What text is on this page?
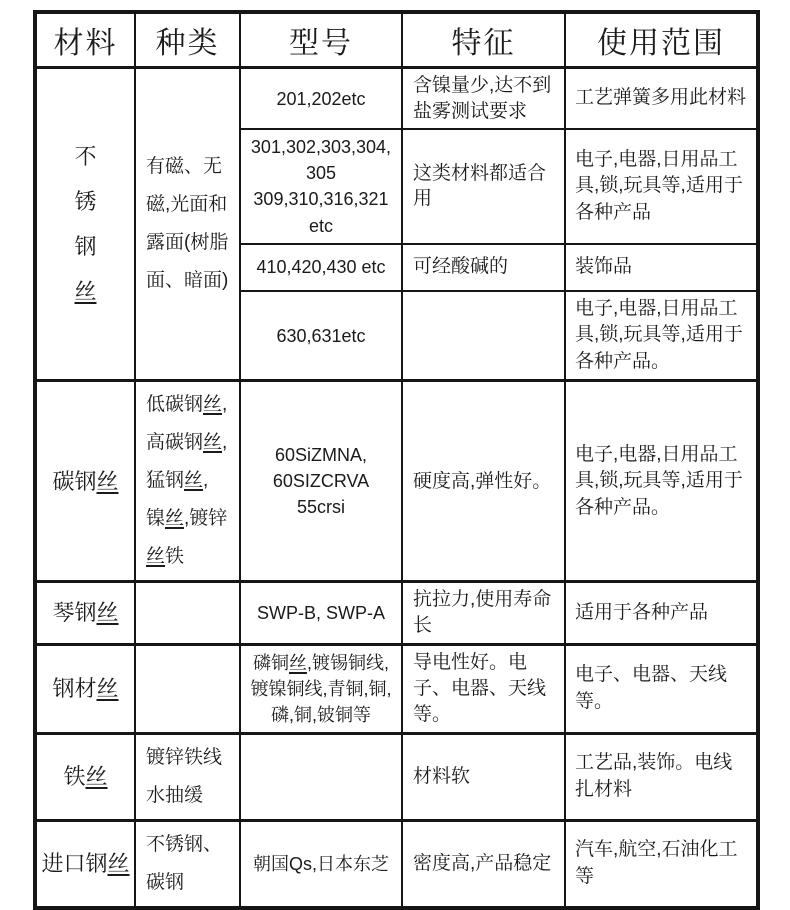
材料	种类	型号	特征	使用范围
不锈钢丝	有磁、无磁,光面和露面(树脂面、暗面)	201,202etc	含镍量少,达不到盐雾测试要求	工艺弹簧多用此材料
		301,302,303,304,305 309,310,316,321 etc	这类材料都适合用	电子,电器,日用品工具,锁,玩具等,适用于各种产品
		410,420,430 etc	可经酸碱的	装饰品
		630,631etc		电子,电器,日用品工具,锁,玩具等,适用于各种产品。
碳钢丝	低碳钢丝, 高碳钢丝, 猛钢丝, 镍丝,镀锌丝铁	60SiZMNA, 60SIZCRVA 55crsi	硬度高,弹性好。	电子,电器,日用品工具,锁,玩具等,适用于各种产品。
琴钢丝		SWP-B, SWP-A	抗拉力,使用寿命长	适用于各种产品
钢材丝		磷铜丝,镀锡铜线,镀镍铜线,青铜,铜,磷,铜,铍铜等	导电性好。电子、电器、天线等。	电子、电器、天线等。
铁丝	镀锌铁线 水抽缓		材料软	工艺品,装饰。电线扎材料
进口钢丝	不锈钢、碳钢	朝国Qs,日本东芝	密度高,产品稳定	汽车,航空,石油化工等
